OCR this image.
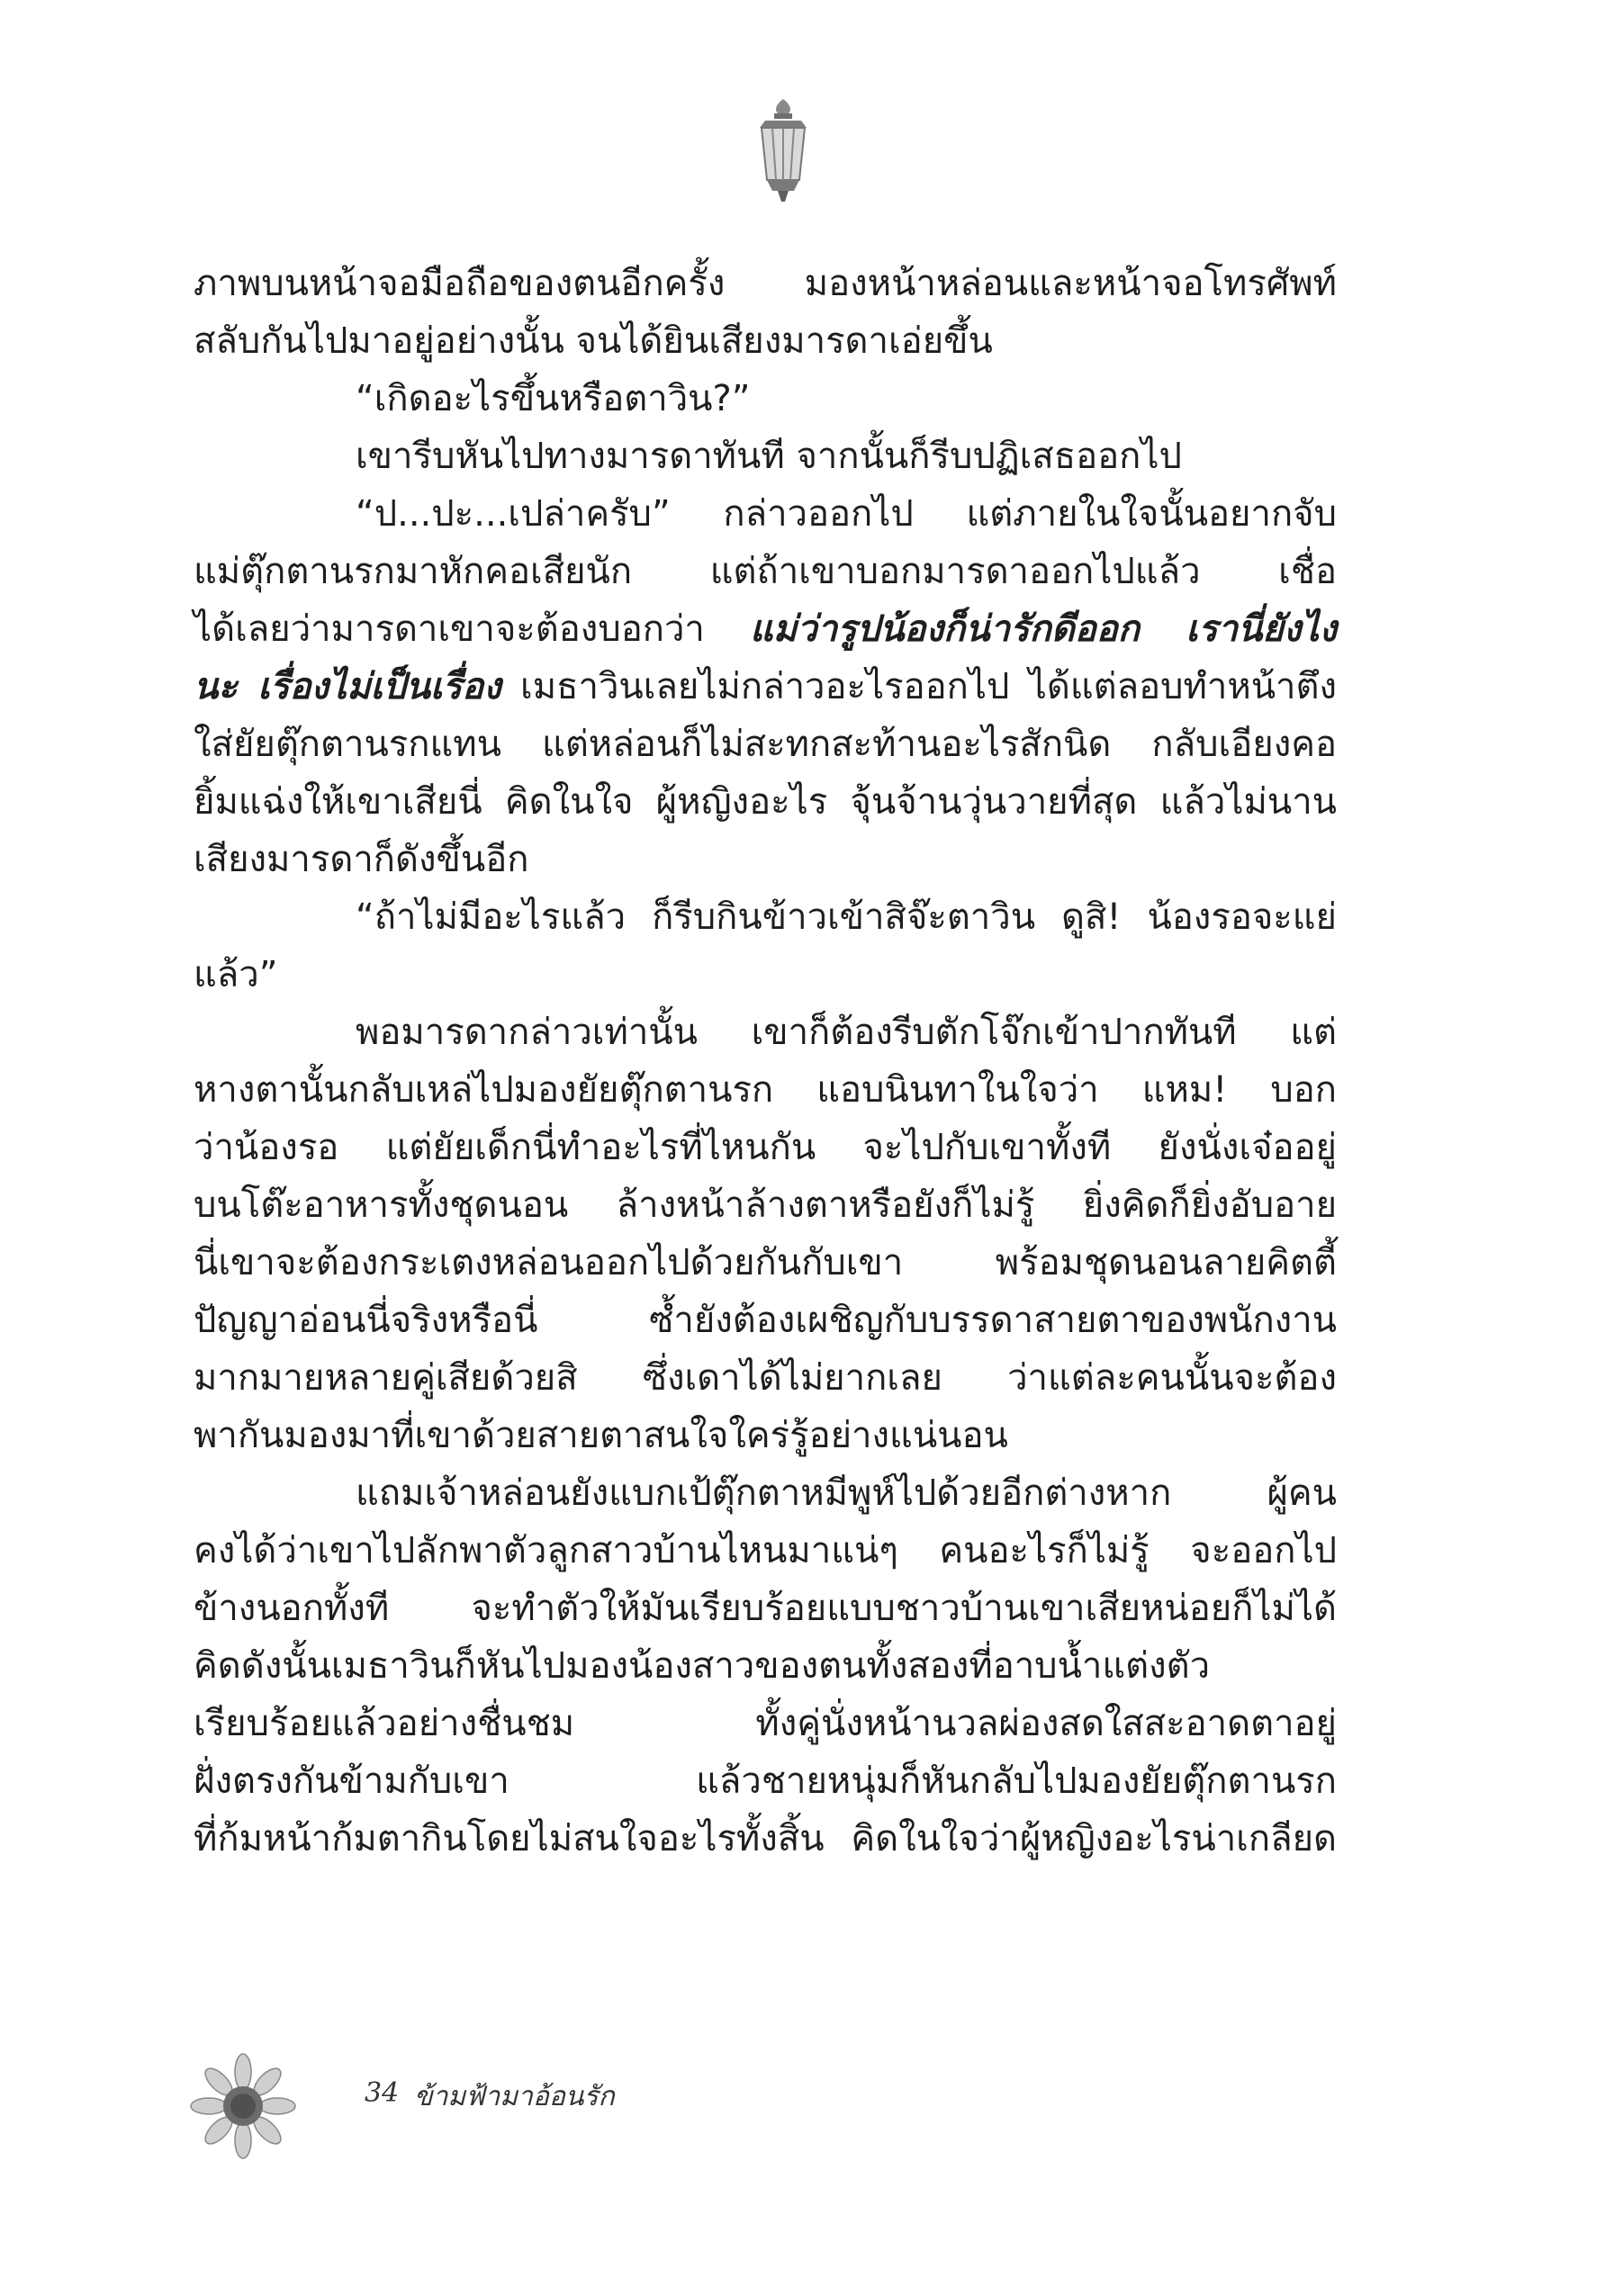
ภาพบนหน้าจอมือถือของตนอีกครั้ง มองหน้าหล่อนและหน้าจอโทรศัพท์
สลับกันไปมาอยู่อย่างนั้น จนได้ยินเสียงมารดาเอ่ยขึ้น
“เกิดอะไรขึ้นหรือตาวิน?”
เขารีบหันไปทางมารดาทันที จากนั้นก็รีบปฏิเสธออกไป
“ป...ปะ...เปล่าครับ” กล่าวออกไป แต่ภายในใจนั้นอยากจับ
แม่ตุ๊กตานรกมาหักคอเสียนัก แต่ถ้าเขาบอกมารดาออกไปแล้ว เชื่อ
ได้เลยว่ามารดาเขาจะต้องบอกว่า แม่ว่ารูปน้องก็น่ารักดีออก เรานี่ยังไง
นะ เรื่องไม่เป็นเรื่อง เมธาวินเลยไม่กล่าวอะไรออกไป ได้แต่ลอบทำหน้าตึง
ใส่ยัยตุ๊กตานรกแทน แต่หล่อนก็ไม่สะทกสะท้านอะไรสักนิด กลับเอียงคอ
ยิ้มแฉ่งให้เขาเสียนี่ คิดในใจ ผู้หญิงอะไร จุ้นจ้านวุ่นวายที่สุด แล้วไม่นาน
เสียงมารดาก็ดังขึ้นอีก
“ถ้าไม่มีอะไรแล้ว ก็รีบกินข้าวเข้าสิจ๊ะตาวิน ดูสิ! น้องรอจะแย่
แล้ว”
พอมารดากล่าวเท่านั้น เขาก็ต้องรีบตักโจ๊กเข้าปากทันที แต่
หางตานั้นกลับเหล่ไปมองยัยตุ๊กตานรก แอบนินทาในใจว่า แหม! บอก
ว่าน้องรอ แต่ยัยเด็กนี่ทำอะไรที่ไหนกัน จะไปกับเขาทั้งที ยังนั่งเจ๋ออยู่
บนโต๊ะอาหารทั้งชุดนอน ล้างหน้าล้างตาหรือยังก็ไม่รู้ ยิ่งคิดก็ยิ่งอับอาย
นี่เขาจะต้องกระเตงหล่อนออกไปด้วยกันกับเขา พร้อมชุดนอนลายคิตตี้
ปัญญาอ่อนนี่จริงหรือนี่ ซ้ำยังต้องเผชิญกับบรรดาสายตาของพนักงาน
มากมายหลายคู่เสียด้วยสิ ซึ่งเดาได้ไม่ยากเลย ว่าแต่ละคนนั้นจะต้อง
พากันมองมาที่เขาด้วยสายตาสนใจใคร่รู้อย่างแน่นอน
แถมเจ้าหล่อนยังแบกเป้ตุ๊กตาหมีพูห์ไปด้วยอีกต่างหาก ผู้คน
คงได้ว่าเขาไปลักพาตัวลูกสาวบ้านไหนมาแน่ๆ คนอะไรก็ไม่รู้ จะออกไป
ข้างนอกทั้งที จะทำตัวให้มันเรียบร้อยแบบชาวบ้านเขาเสียหน่อยก็ไม่ได้
คิดดังนั้นเมธาวินก็หันไปมองน้องสาวของตนทั้งสองที่อาบน้ำแต่งตัว
เรียบร้อยแล้วอย่างชื่นชม ทั้งคู่นั่งหน้านวลผ่องสดใสสะอาดตาอยู่
ฝั่งตรงกันข้ามกับเขา แล้วชายหนุ่มก็หันกลับไปมองยัยตุ๊กตานรก
ที่ก้มหน้าก้มตากินโดยไม่สนใจอะไรทั้งสิ้น คิดในใจว่าผู้หญิงอะไรน่าเกลียด
34 ข้ามฟ้ามาอ้อนรัก
